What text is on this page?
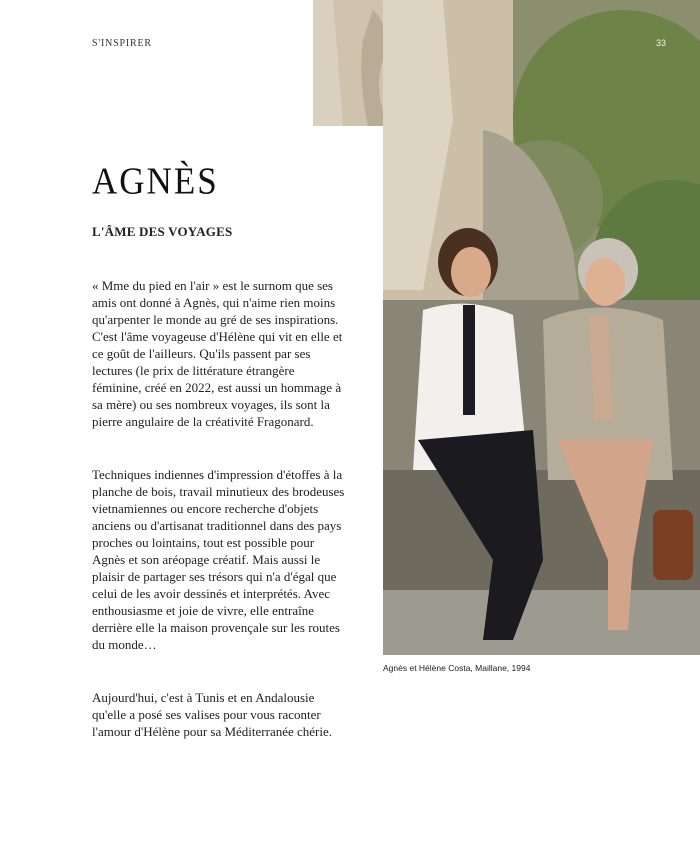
S'INSPIRER	33
AGNÈS
L'ÂME DES VOYAGES

« Mme du pied en l'air » est le surnom que ses amis ont donné à Agnès, qui n'aime rien moins qu'arpenter le monde au gré de ses inspirations. C'est l'âme voyageuse d'Hélène qui vit en elle et ce goût de l'ailleurs. Qu'ils passent par ses lectures (le prix de littérature étrangère féminine, créé en 2022, est aussi un hommage à sa mère) ou ses nombreux voyages, ils sont la pierre angulaire de la créativité Fragonard.

Techniques indiennes d'impression d'étoffes à la planche de bois, travail minutieux des brodeuses vietnamiennes ou encore recherche d'objets anciens ou d'artisanat traditionnel dans des pays proches ou lointains, tout est possible pour Agnès et son aréopage créatif. Mais aussi le plaisir de partager ses trésors qui n'a d'égal que celui de les avoir dessinés et interprétés. Avec enthousiasme et joie de vivre, elle entraîne derrière elle la maison provençale sur les routes du monde…

Aujourd'hui, c'est à Tunis et en Andalousie qu'elle a posé ses valises pour vous raconter l'amour d'Hélène pour sa Méditerranée chérie.

Agnès et Hélène Costa, Maillane, 1994
